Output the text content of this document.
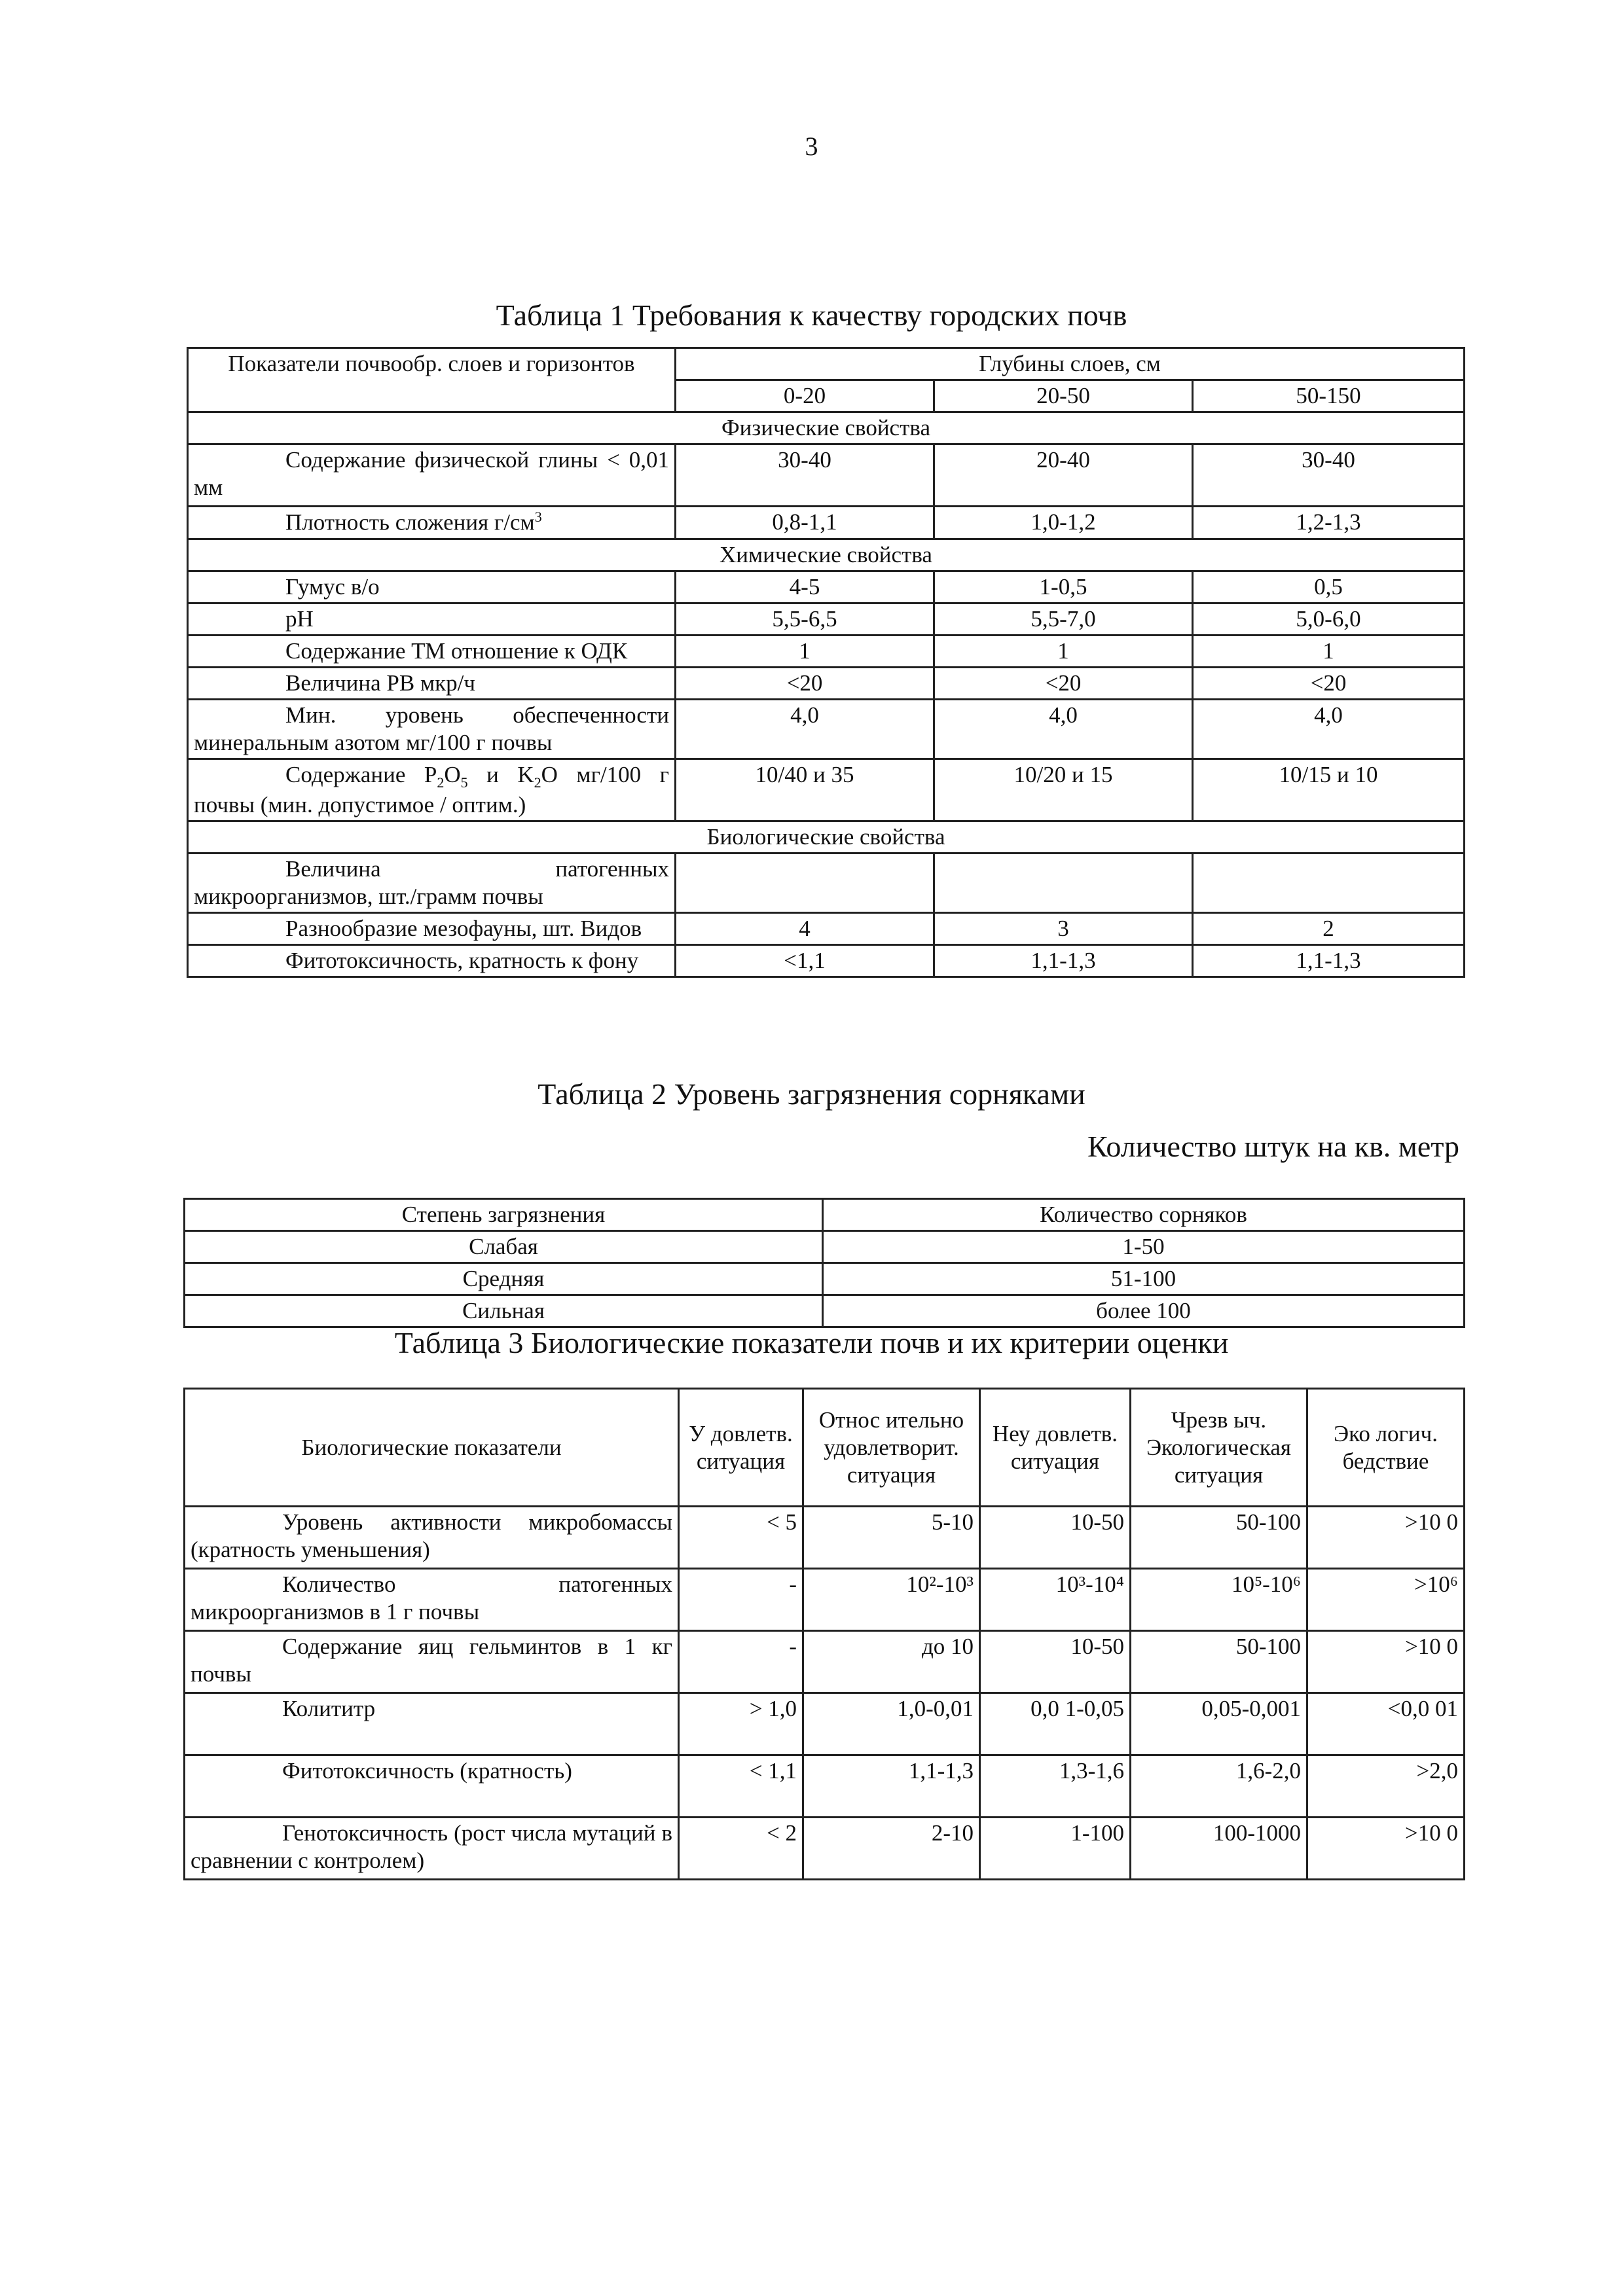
3
Таблица 1 Требования к качеству городских почв
Показатели почвообр. слоев и горизонтов	Глубины слоев, см		
	0-20	20-50	50-150
Физические свойства			
Содержание физической глины < 0,01 мм	30-40	20-40	30-40
Плотность сложения $г/см^3$	0,8-1,1	1,0-1,2	1,2-1,3
Химические свойства			
Гумус в/о	4-5	1-0,5	0,5
pH	5,5-6,5	5,5-7,0	5,0-6,0
Содержание ТМ отношение к ОДК	1	1	1
Величина РВ мкр/ч	<20	<20	<20
Мин. уровень обеспеченности минеральным азотом мг/100 г почвы	4,0	4,0	4,0
Содержание $P_2O_5$ и $K_2O$ мг/100 г почвы (мин. допустимое / оптим.)	10/40 и 35	10/20 и 15	10/15 и 10
Биологические свойства			
Величина патогенных микроорганизмов, шт./грамм почвы			
Разнообразие мезофауны, шт. Видов	4	3	2
Фитотоксичность, кратность к фону	<1,1	1,1-1,3	1,1-1,3
Таблица 2 Уровень загрязнения сорняками
Количество штук на кв. метр
Степень загрязнения	Количество сорняков
Слабая	1-50
Средняя	51-100
Сильная	более 100
Таблица 3 Биологические показатели почв и их критерии оценки
Биологические показатели	У довлетв. ситуация	Относ ительно удовлетворит. ситуация	Неу довлетв. ситуация	Чрезв ыч. Экологическая ситуация	Эко логич. бедствие
Уровень активности микробомассы (кратность уменьшения)	< 5	5-10	10-50	50-100	>10 0
Количество патогенных микроорганизмов в 1 г почвы	-	10²-10³	10³-10⁴	10⁵-10⁶	>10⁶
Содержание яиц гельминтов в 1 кг почвы	-	до 10	10-50	50-100	>10 0
Колититр	> 1,0	1,0-0,01	0,0 1-0,05	0,05-0,001	<0,0 01
Фитотоксичность (кратность)	< 1,1	1,1-1,3	1,3-1,6	1,6-2,0	>2,0
Генотоксичность (рост числа мутаций в сравнении с контролем)	< 2	2-10	1-100	100-1000	>10 0
